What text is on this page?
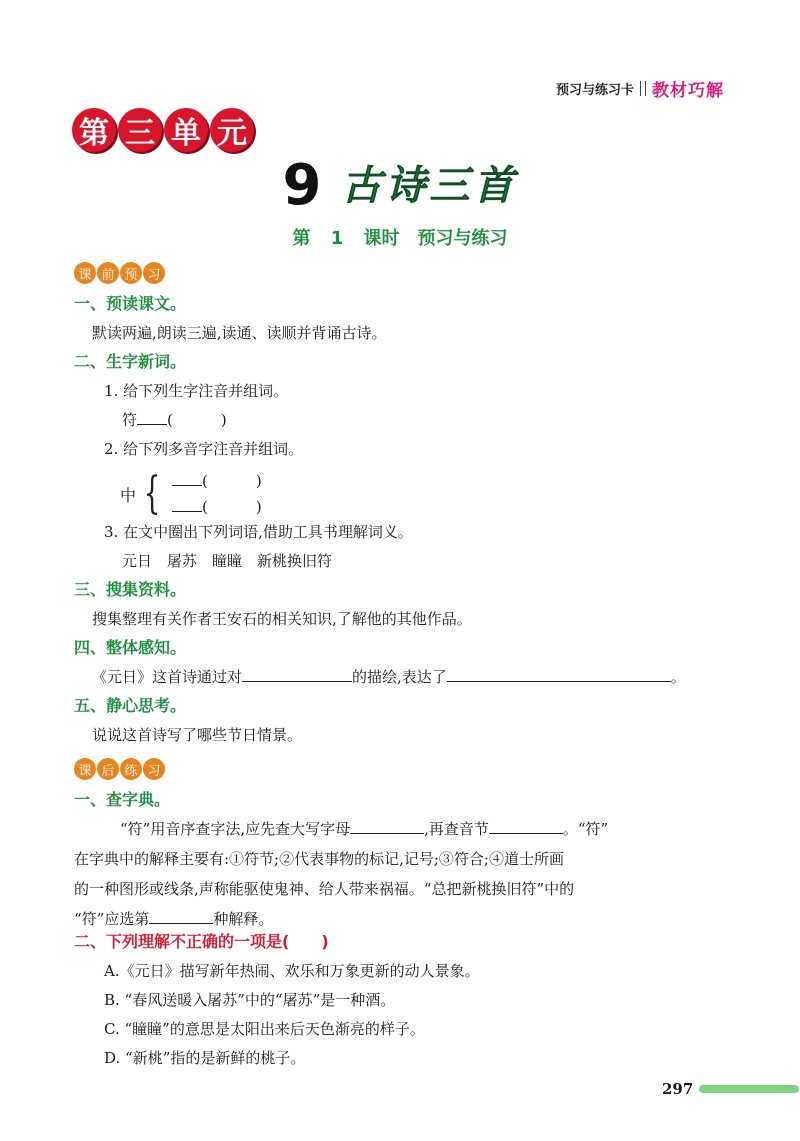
预习与练习卡 教材巧解
第 三 单 元
9 古诗三首
第 1 课时　预习与练习
课 前 预 习
一、预读课文。
默读两遍,朗读三遍,读通、读顺并背诵古诗。
二、生字新词。
1. 给下列生字注音并组词。
符 (	)
2. 给下列多音字注音并组词。
中 {	(	)
(	)
3. 在文中圈出下列词语,借助工具书理解词义。
元日　屠苏　瞳瞳　新桃换旧符
三、搜集资料。
搜集整理有关作者王安石的相关知识,了解他的其他作品。
四、整体感知。
《元日》这首诗通过对	的描绘,表达了	。
五、静心思考。
说说这首诗写了哪些节日情景。
课 后 练 习
一、查字典。

“符”用音序查字法,应先查大写字母	,再查音节	。“符”

在字典中的解释主要有:①符节;②代表事物的标记,记号;③符合;④道士所画

的一种图形或线条,声称能驱使鬼神、给人带来祸福。“总把新桃换旧符”中的

“符”应选第	种解释。

二、下列理解不正确的一项是(　　)
A.《元日》描写新年热闹、欢乐和万象更新的动人景象。
B. “春风送暖入屠苏”中的“屠苏”是一种酒。
C. “瞳瞳”的意思是太阳出来后天色渐亮的样子。
D. “新桃”指的是新鲜的桃子。
297
